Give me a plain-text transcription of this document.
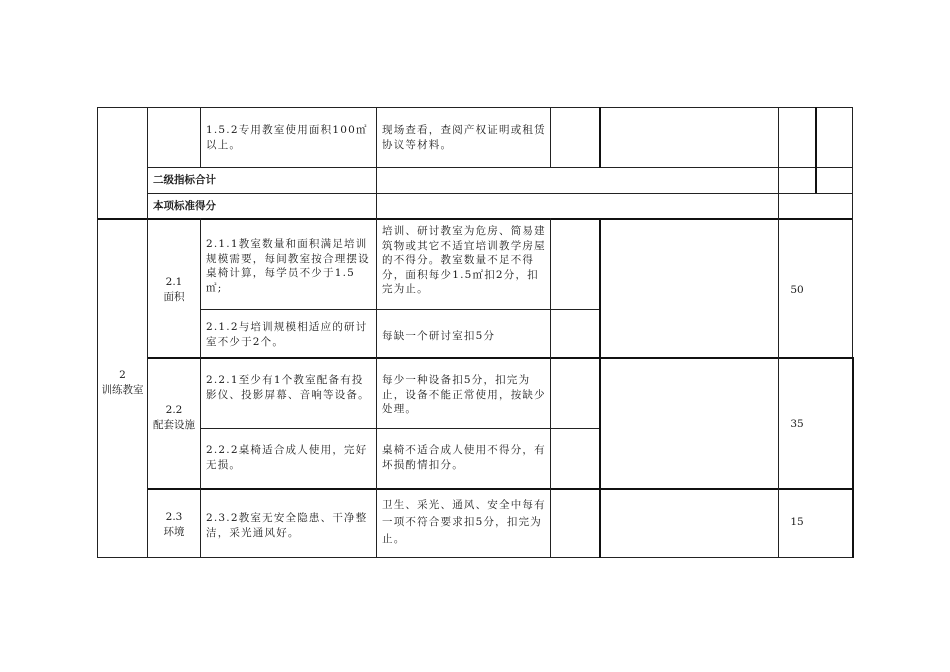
1.5.2专用教室使用面积100㎡以上。
现场查看，查阅产权证明或租赁协议等材料。
二级指标合计
本项标准得分
2
训练教室
2.1
面积
2.1.1教室数量和面积满足培训规模需要，每间教室按合理摆设桌椅计算，每学员不少于1.5㎡;
培训、研讨教室为危房、简易建筑物或其它不适宜培训教学房屋的不得分。教室数量不足不得分，面积每少1.5㎡扣2分，扣完为止。
2.1.2与培训规模相适应的研讨室不少于2个。	每缺一个研讨室扣5分
50
2.2
配套设施
2.2.1至少有1个教室配备有投影仪、投影屏幕、音响等设备。
每少一种设备扣5分，扣完为止，设备不能正常使用，按缺少处理。
2.2.2桌椅适合成人使用，完好无损。
桌椅不适合成人使用不得分，有坏损酌情扣分。
35
2.3
环境
2.3.2教室无安全隐患、干净整洁，采光通风好。
卫生、采光、通风、安全中每有一项不符合要求扣5分，扣完为止。
15
